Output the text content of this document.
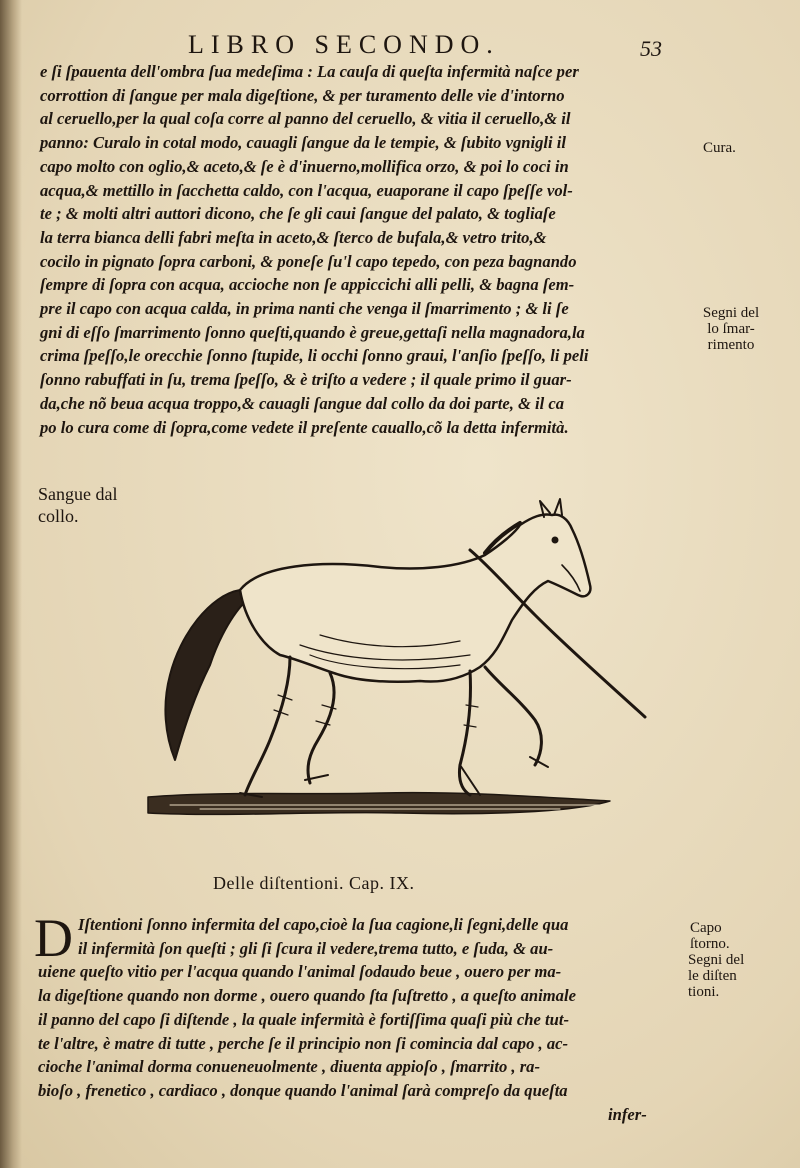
LIBRO SECONDO.	53
e ſi ſpauenta dell'ombra ſua medeſima : La cauſa di queſta infermità naſce per
corrottion di ſangue per mala digeſtione, & per turamento delle vie d'intorno
al ceruello,per la qual coſa corre al panno del ceruello, & vitia il ceruello,& il
panno: Curalo in cotal modo, cauagli ſangue da le tempie, & ſubito vgnigli il
capo molto con oglio,& aceto,& ſe è d'inuerno,mollifica orzo, & poi lo coci in
acqua,& mettillo in ſacchetta caldo, con l'acqua, euaporane il capo ſpeſſe vol-
te ; & molti altri auttori dicono, che ſe gli caui ſangue del palato, & togliaſe
la terra bianca delli fabri meſta in aceto,& ſterco de bufala,& vetro trito,&
cocilo in pignato ſopra carboni, & poneſe ſu'l capo tepedo, con peza bagnando
ſempre di ſopra con acqua, accioche non ſe appiccichi alli pelli, & bagna ſem-
pre il capo con acqua calda, in prima nanti che venga il ſmarrimento ; & li ſe
gni di eſſo ſmarrimento ſonno queſti,quando è greue,gettaſi nella magnadora,la
crima ſpeſſo,le orecchie ſonno ſtupide, li occhi ſonno graui, l'anſio ſpeſſo, li peli
ſonno rabuffati in ſu, trema ſpeſſo, & è triſto a vedere ; il quale primo il guar-
da,che nõ beua acqua troppo,& cauagli ſangue dal collo da doi parte, & il ca
po lo cura come di ſopra,come vedete il preſente cauallo,cõ la detta infermità.
Cura.
Segni del
lo ſmar-
rimento
Sangue dal
collo.
Delle diſtentioni. Cap. IX.
D Iſtentioni ſonno infermita del capo,cioè la ſua cagione,li ſegni,delle qua
il infermità ſon queſti ; gli ſi ſcura il vedere,trema tutto, e ſuda, & au-
uiene queſto vitio per l'acqua quando l'animal ſodaudo beue , ouero per ma-
la digeſtione quando non dorme , ouero quando ſta ſuſtretto , a queſto animale
il panno del capo ſi diſtende , la quale infermità è fortiſſima quaſi più che tut-
te l'altre, è matre di tutte , perche ſe il principio non ſi comincia dal capo , ac-
cioche l'animal dorma conueneuolmente , diuenta appioſo , ſmarrito , ra-
bioſo , frenetico , cardiaco , donque quando l'animal ſarà compreſo da queſta
infer-
Capo
ſtorno.
Segni del
le diſten
tioni.
